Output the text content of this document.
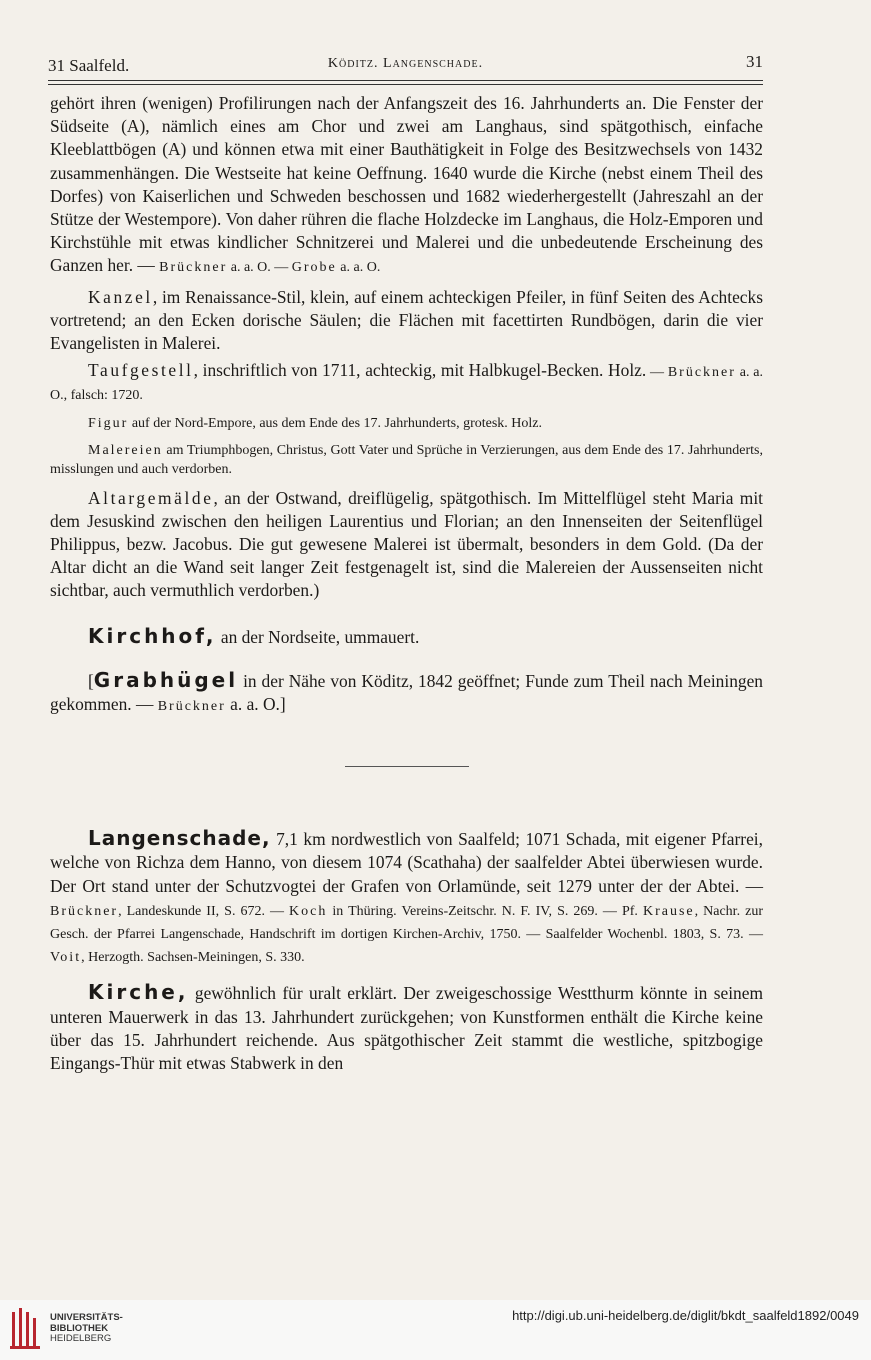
31 Saalfeld.	Köditz. Langenschade.	31

gehört ihren (wenigen) Profilirungen nach der Anfangszeit des 16. Jahrhunderts an. Die Fenster der Südseite (A), nämlich eines am Chor und zwei am Langhaus, sind spätgothisch, einfache Kleeblattbögen (A) und können etwa mit einer Bauthätigkeit in Folge des Besitzwechsels von 1432 zusammenhängen. Die Westseite hat keine Oeffnung. 1640 wurde die Kirche (nebst einem Theil des Dorfes) von Kaiserlichen und Schweden beschossen und 1682 wiederhergestellt (Jahreszahl an der Stütze der Westempore). Von daher rühren die flache Holzdecke im Langhaus, die Holz-Emporen und Kirchstühle mit etwas kindlicher Schnitzerei und Malerei und die unbedeutende Erscheinung des Ganzen her. — Brückner a. a. O. — Grobe a. a. O.

Kanzel, im Renaissance-Stil, klein, auf einem achteckigen Pfeiler, in fünf Seiten des Achtecks vortretend; an den Ecken dorische Säulen; die Flächen mit facettirten Rundbögen, darin die vier Evangelisten in Malerei.

Taufgestell, inschriftlich von 1711, achteckig, mit Halbkugel-Becken. Holz. — Brückner a. a. O., falsch: 1720.

Figur auf der Nord-Empore, aus dem Ende des 17. Jahrhunderts, grotesk. Holz.

Malereien am Triumphbogen, Christus, Gott Vater und Sprüche in Verzierungen, aus dem Ende des 17. Jahrhunderts, misslungen und auch verdorben.

Altargemälde, an der Ostwand, dreiflügelig, spätgothisch. Im Mittelflügel steht Maria mit dem Jesuskind zwischen den heiligen Laurentius und Florian; an den Innenseiten der Seitenflügel Philippus, bezw. Jacobus. Die gut gewesene Malerei ist übermalt, besonders in dem Gold. (Da der Altar dicht an die Wand seit langer Zeit festgenagelt ist, sind die Malereien der Aussenseiten nicht sichtbar, auch vermuthlich verdorben.)

Kirchhof, an der Nordseite, ummauert.

[Grabhügel in der Nähe von Köditz, 1842 geöffnet; Funde zum Theil nach Meiningen gekommen. — Brückner a. a. O.]

Langenschade, 7,1 km nordwestlich von Saalfeld; 1071 Schada, mit eigener Pfarrei, welche von Richza dem Hanno, von diesem 1074 (Scathaha) der saalfelder Abtei überwiesen wurde. Der Ort stand unter der Schutzvogtei der Grafen von Orlamünde, seit 1279 unter der der Abtei. — Brückner, Landeskunde II, S. 672. — Koch in Thüring. Vereins-Zeitschr. N. F. IV, S. 269. — Pf. Krause, Nachr. zur Gesch. der Pfarrei Langenschade, Handschrift im dortigen Kirchen-Archiv, 1750. — Saalfelder Wochenbl. 1803, S. 73. — Voit, Herzogth. Sachsen-Meiningen, S. 330.

Kirche, gewöhnlich für uralt erklärt. Der zweigeschossige Westthurm könnte in seinem unteren Mauerwerk in das 13. Jahrhundert zurückgehen; von Kunstformen enthält die Kirche keine über das 15. Jahrhundert reichende. Aus spätgothischer Zeit stammt die westliche, spitzbogige Eingangs-Thür mit etwas Stabwerk in den

UNIVERSITÄTS-
BIBLIOTHEK
HEIDELBERG
http://digi.ub.uni-heidelberg.de/diglit/bkdt_saalfeld1892/0049
